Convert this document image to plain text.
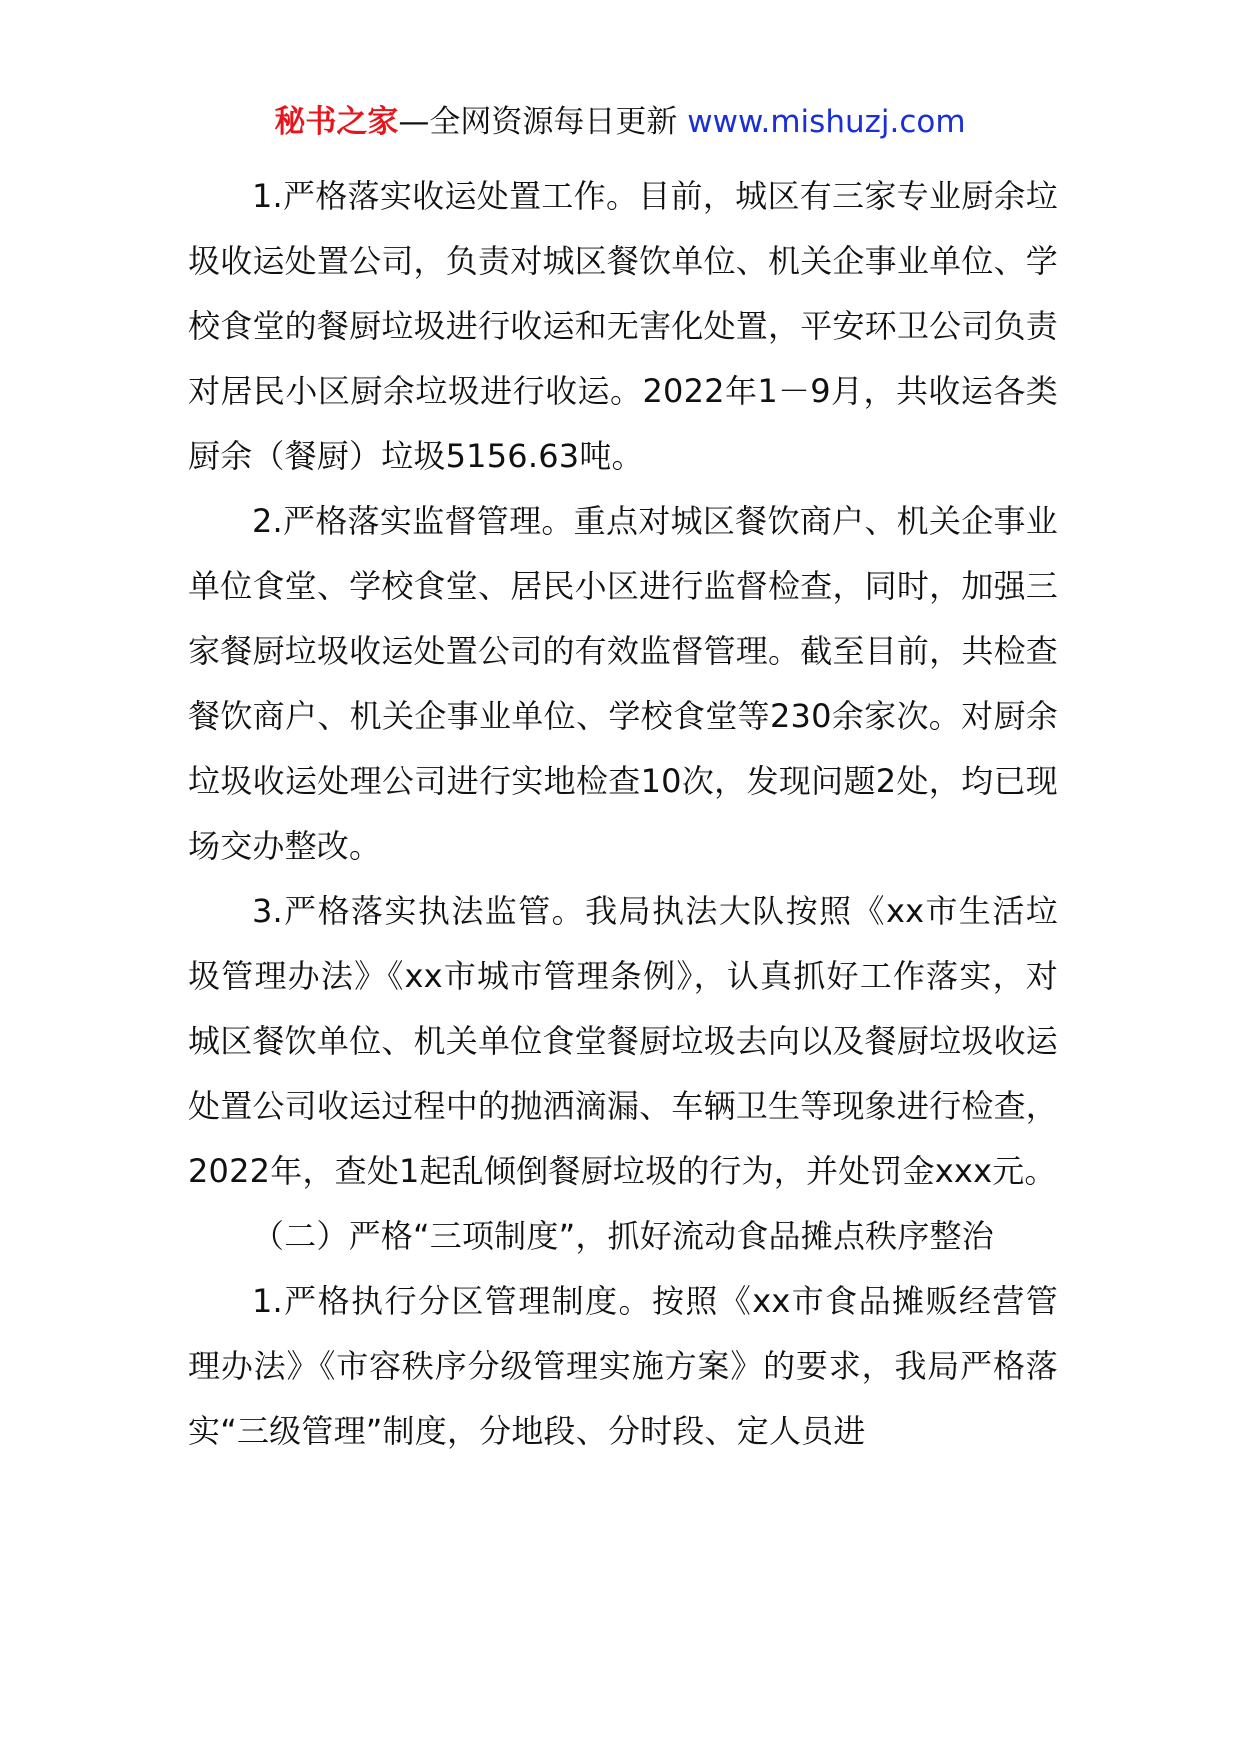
秘书之家—全网资源每日更新 www.mishuzj.com

1.严格落实收运处置工作。目前，城区有三家专业厨余垃圾收运处置公司，负责对城区餐饮单位、机关企事业单位、学校食堂的餐厨垃圾进行收运和无害化处置，平安环卫公司负责对居民小区厨余垃圾进行收运。2022年1－9月，共收运各类厨余（餐厨）垃圾5156.63吨。

2.严格落实监督管理。重点对城区餐饮商户、机关企事业单位食堂、学校食堂、居民小区进行监督检查，同时，加强三家餐厨垃圾收运处置公司的有效监督管理。截至目前，共检查餐饮商户、机关企事业单位、学校食堂等230余家次。对厨余垃圾收运处理公司进行实地检查10次，发现问题2处，均已现场交办整改。

3.严格落实执法监管。我局执法大队按照《xx市生活垃圾管理办法》《xx市城市管理条例》，认真抓好工作落实，对城区餐饮单位、机关单位食堂餐厨垃圾去向以及餐厨垃圾收运处置公司收运过程中的抛洒滴漏、车辆卫生等现象进行检查，2022年，查处1起乱倾倒餐厨垃圾的行为，并处罚金xxx元。

（二）严格“三项制度”，抓好流动食品摊点秩序整治

1.严格执行分区管理制度。按照《xx市食品摊贩经营管理办法》《市容秩序分级管理实施方案》的要求，我局严格落实“三级管理”制度，分地段、分时段、定人员进
